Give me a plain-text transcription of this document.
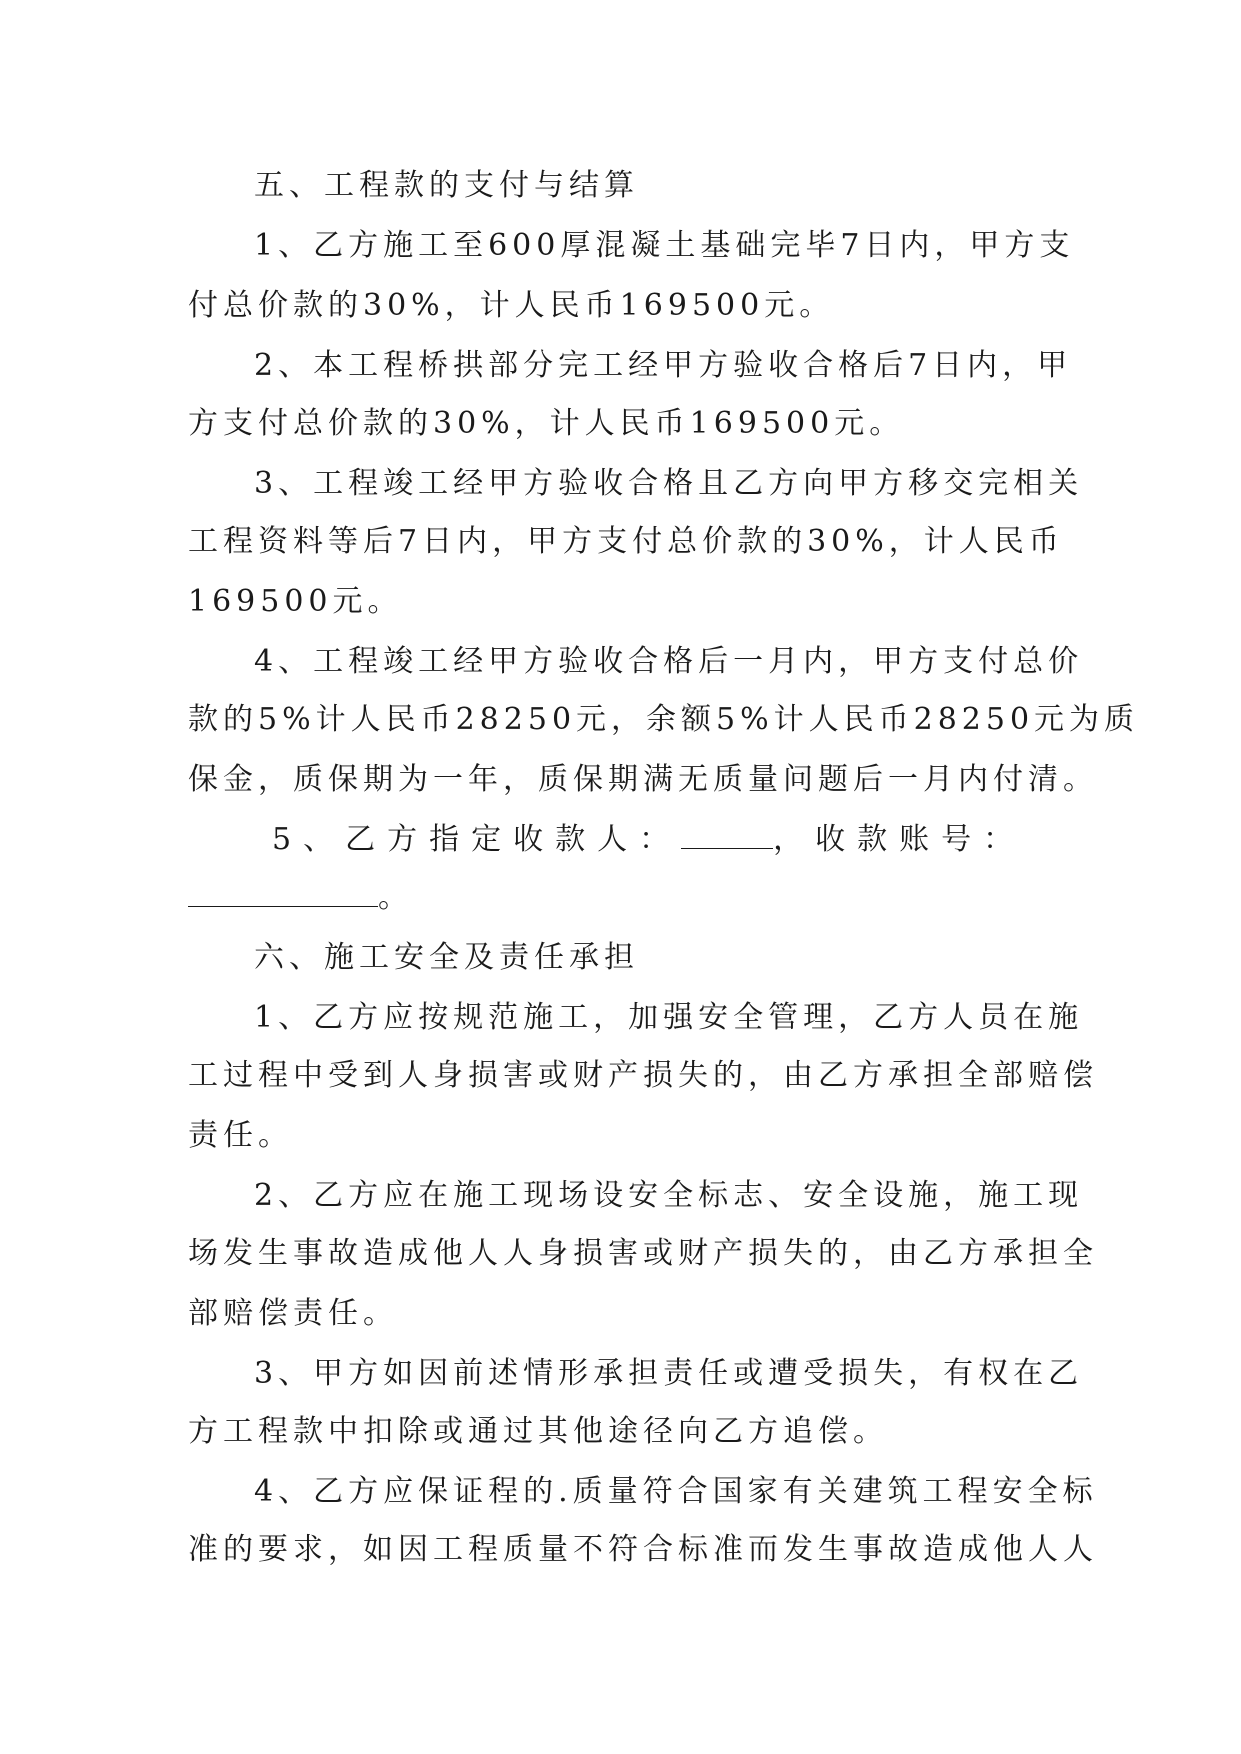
五、工程款的支付与结算
1、乙方施工至600厚混凝土基础完毕7日内，甲方支
付总价款的30%，计人民币169500元。
2、本工程桥拱部分完工经甲方验收合格后7日内，甲
方支付总价款的30%，计人民币169500元。
3、工程竣工经甲方验收合格且乙方向甲方移交完相关
工程资料等后7日内，甲方支付总价款的30%，计人民币
169500元。
4、工程竣工经甲方验收合格后一月内，甲方支付总价
款的5%计人民币28250元，余额5%计人民币28250元为质
保金，质保期为一年，质保期满无质量问题后一月内付清。
5、乙方指定收款人：	，收款账号：
。
六、施工安全及责任承担
1、乙方应按规范施工，加强安全管理，乙方人员在施
工过程中受到人身损害或财产损失的，由乙方承担全部赔偿
责任。
2、乙方应在施工现场设安全标志、安全设施，施工现
场发生事故造成他人人身损害或财产损失的，由乙方承担全
部赔偿责任。
3、甲方如因前述情形承担责任或遭受损失，有权在乙
方工程款中扣除或通过其他途径向乙方追偿。
4、乙方应保证程的.质量符合国家有关建筑工程安全标
准的要求，如因工程质量不符合标准而发生事故造成他人人
